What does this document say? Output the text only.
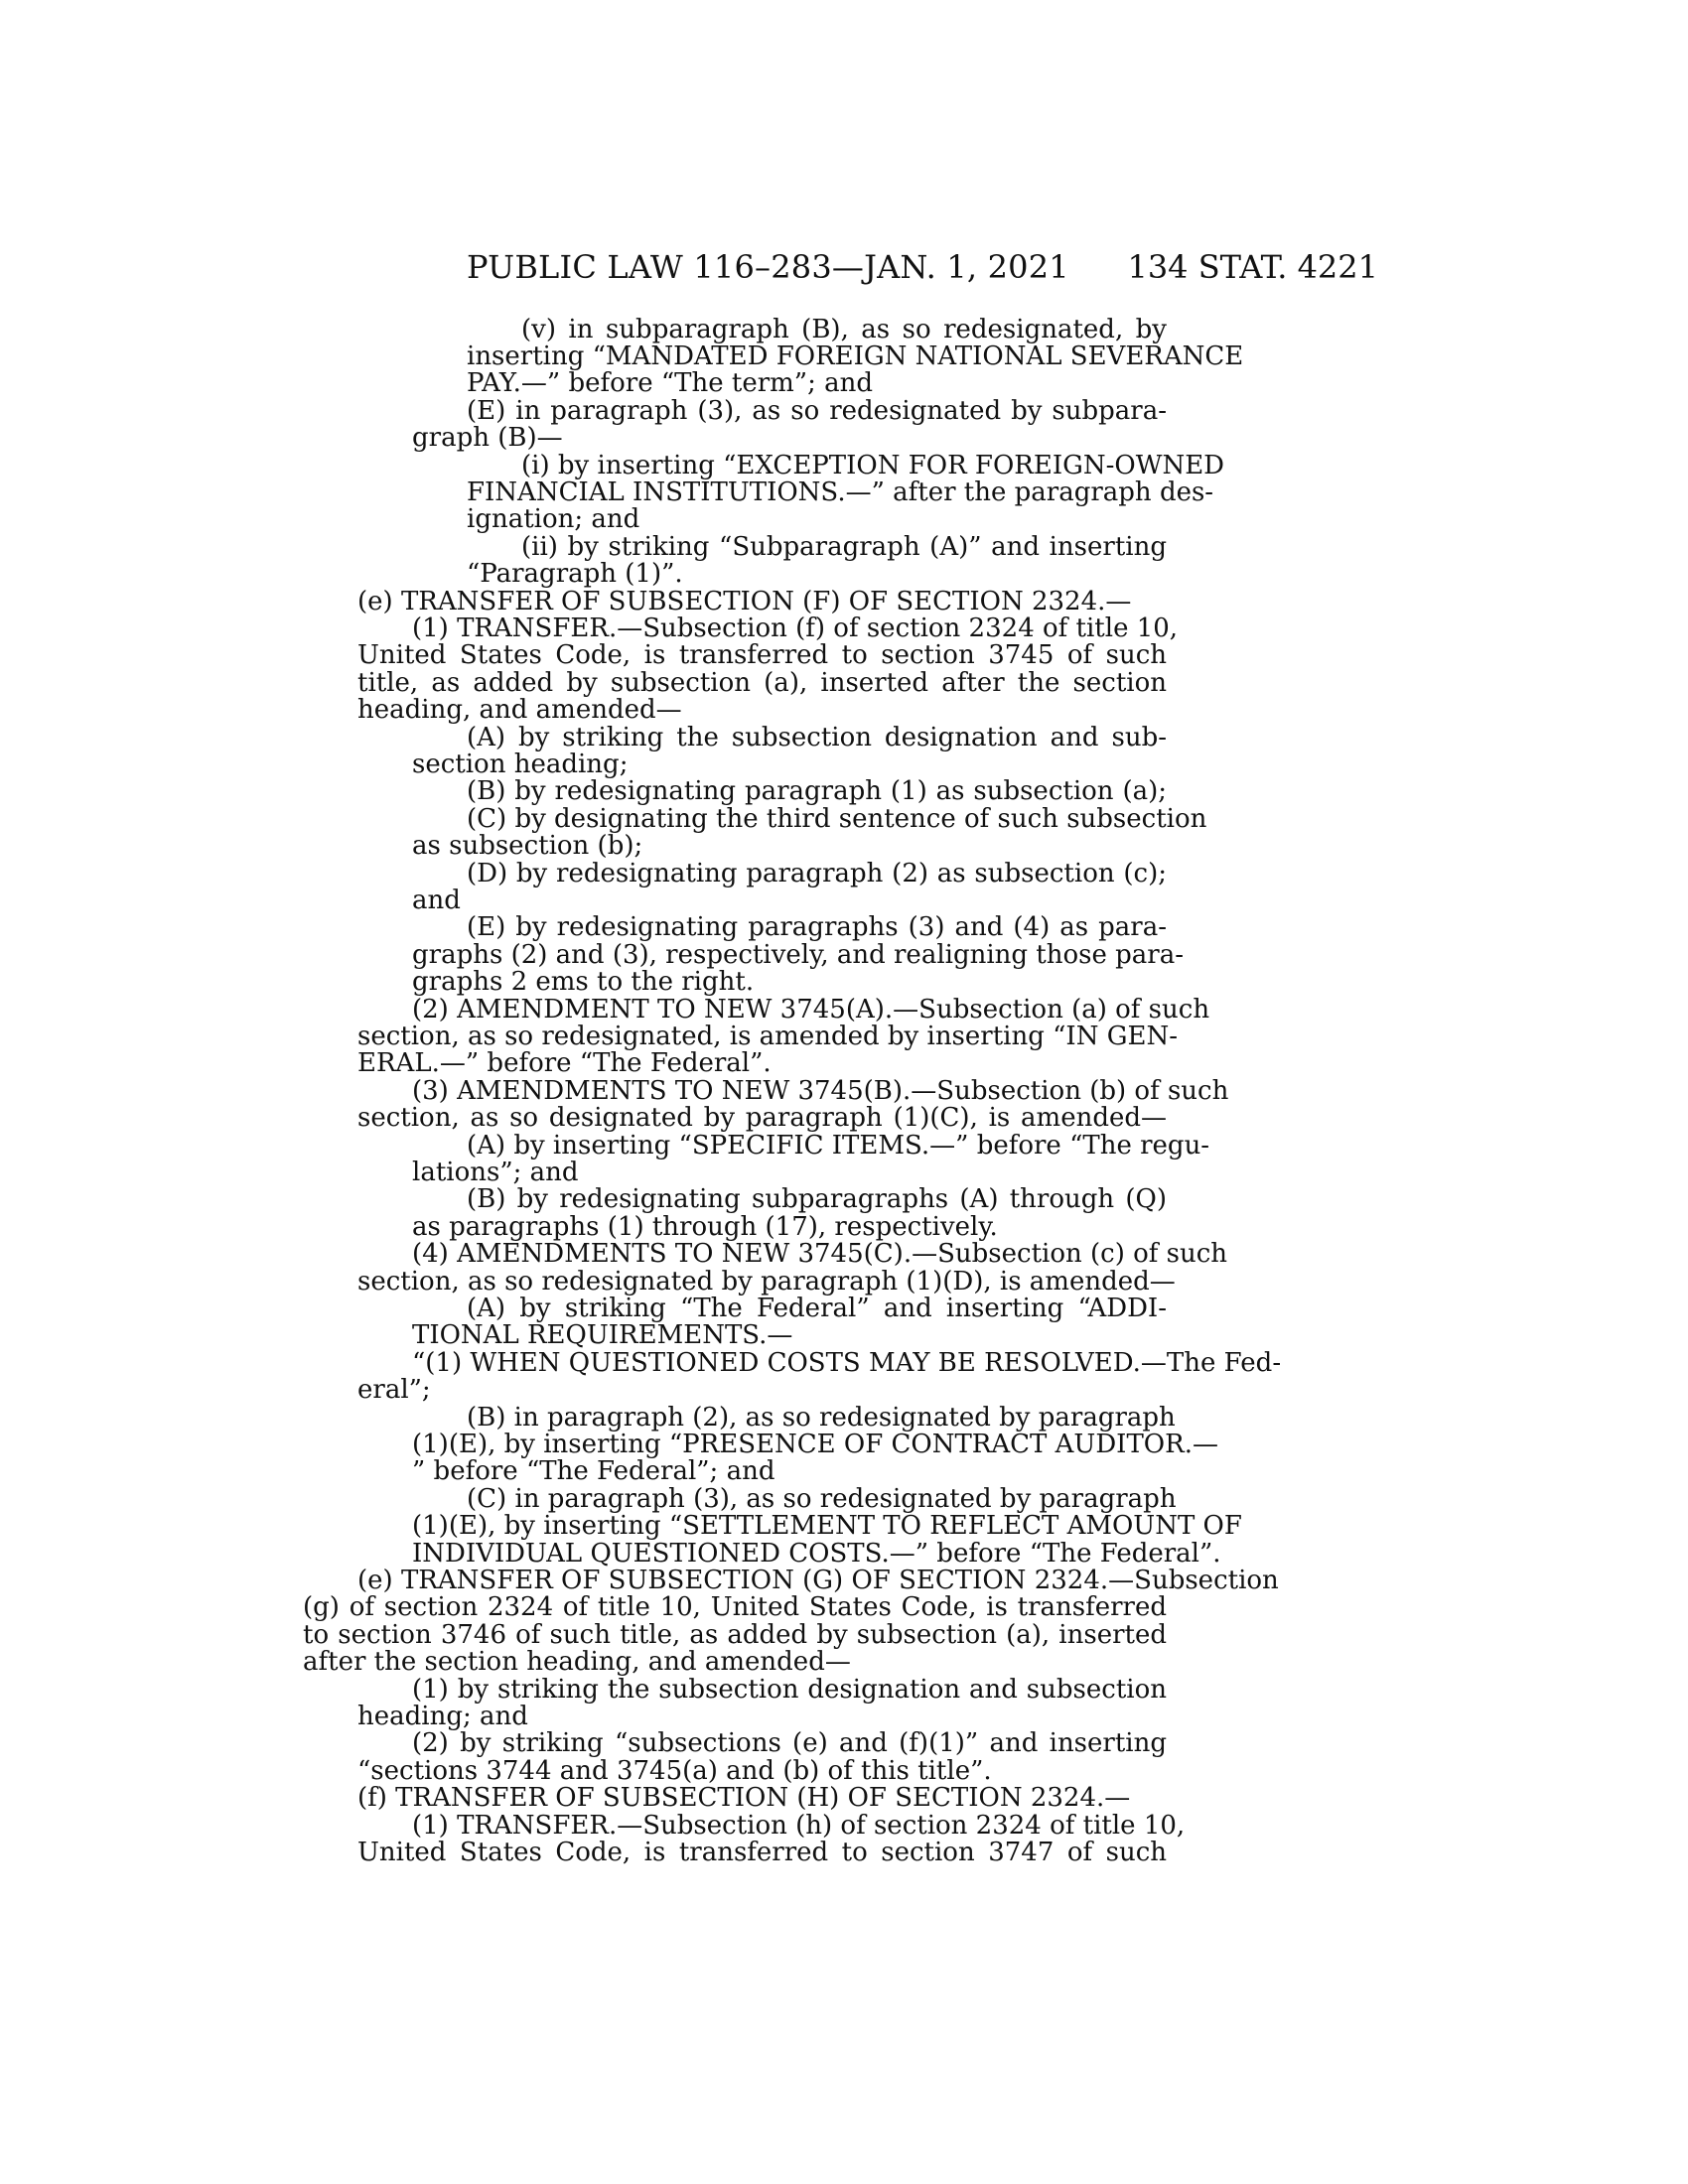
PUBLIC LAW 116–283—JAN. 1, 2021 134 STAT. 4221
(v) in subparagraph (B), as so redesignated, by
inserting “MANDATED FOREIGN NATIONAL SEVERANCE
PAY.—” before “The term”; and
(E) in paragraph (3), as so redesignated by subpara-
graph (B)—
(i) by inserting “EXCEPTION FOR FOREIGN-OWNED
FINANCIAL INSTITUTIONS.—” after the paragraph des-
ignation; and
(ii) by striking “Subparagraph (A)” and inserting
“Paragraph (1)”.
(e) TRANSFER OF SUBSECTION (F) OF SECTION 2324.—
(1) TRANSFER.—Subsection (f) of section 2324 of title 10,
United States Code, is transferred to section 3745 of such
title, as added by subsection (a), inserted after the section
heading, and amended—
(A) by striking the subsection designation and sub-
section heading;
(B) by redesignating paragraph (1) as subsection (a);
(C) by designating the third sentence of such subsection
as subsection (b);
(D) by redesignating paragraph (2) as subsection (c);
and
(E) by redesignating paragraphs (3) and (4) as para-
graphs (2) and (3), respectively, and realigning those para-
graphs 2 ems to the right.
(2) AMENDMENT TO NEW 3745(A).—Subsection (a) of such
section, as so redesignated, is amended by inserting “IN GEN-
ERAL.—” before “The Federal”.
(3) AMENDMENTS TO NEW 3745(B).—Subsection (b) of such
section, as so designated by paragraph (1)(C), is amended—
(A) by inserting “SPECIFIC ITEMS.—” before “The regu-
lations”; and
(B) by redesignating subparagraphs (A) through (Q)
as paragraphs (1) through (17), respectively.
(4) AMENDMENTS TO NEW 3745(C).—Subsection (c) of such
section, as so redesignated by paragraph (1)(D), is amended—
(A) by striking “The Federal” and inserting “ADDI-
TIONAL REQUIREMENTS.—
“(1) WHEN QUESTIONED COSTS MAY BE RESOLVED.—The Fed-
eral”;
(B) in paragraph (2), as so redesignated by paragraph
(1)(E), by inserting “PRESENCE OF CONTRACT AUDITOR.—
” before “The Federal”; and
(C) in paragraph (3), as so redesignated by paragraph
(1)(E), by inserting “SETTLEMENT TO REFLECT AMOUNT OF
INDIVIDUAL QUESTIONED COSTS.—” before “The Federal”.
(e) TRANSFER OF SUBSECTION (G) OF SECTION 2324.—Subsection
(g) of section 2324 of title 10, United States Code, is transferred
to section 3746 of such title, as added by subsection (a), inserted
after the section heading, and amended—
(1) by striking the subsection designation and subsection
heading; and
(2) by striking “subsections (e) and (f)(1)” and inserting
“sections 3744 and 3745(a) and (b) of this title”.
(f) TRANSFER OF SUBSECTION (H) OF SECTION 2324.—
(1) TRANSFER.—Subsection (h) of section 2324 of title 10,
United States Code, is transferred to section 3747 of such
